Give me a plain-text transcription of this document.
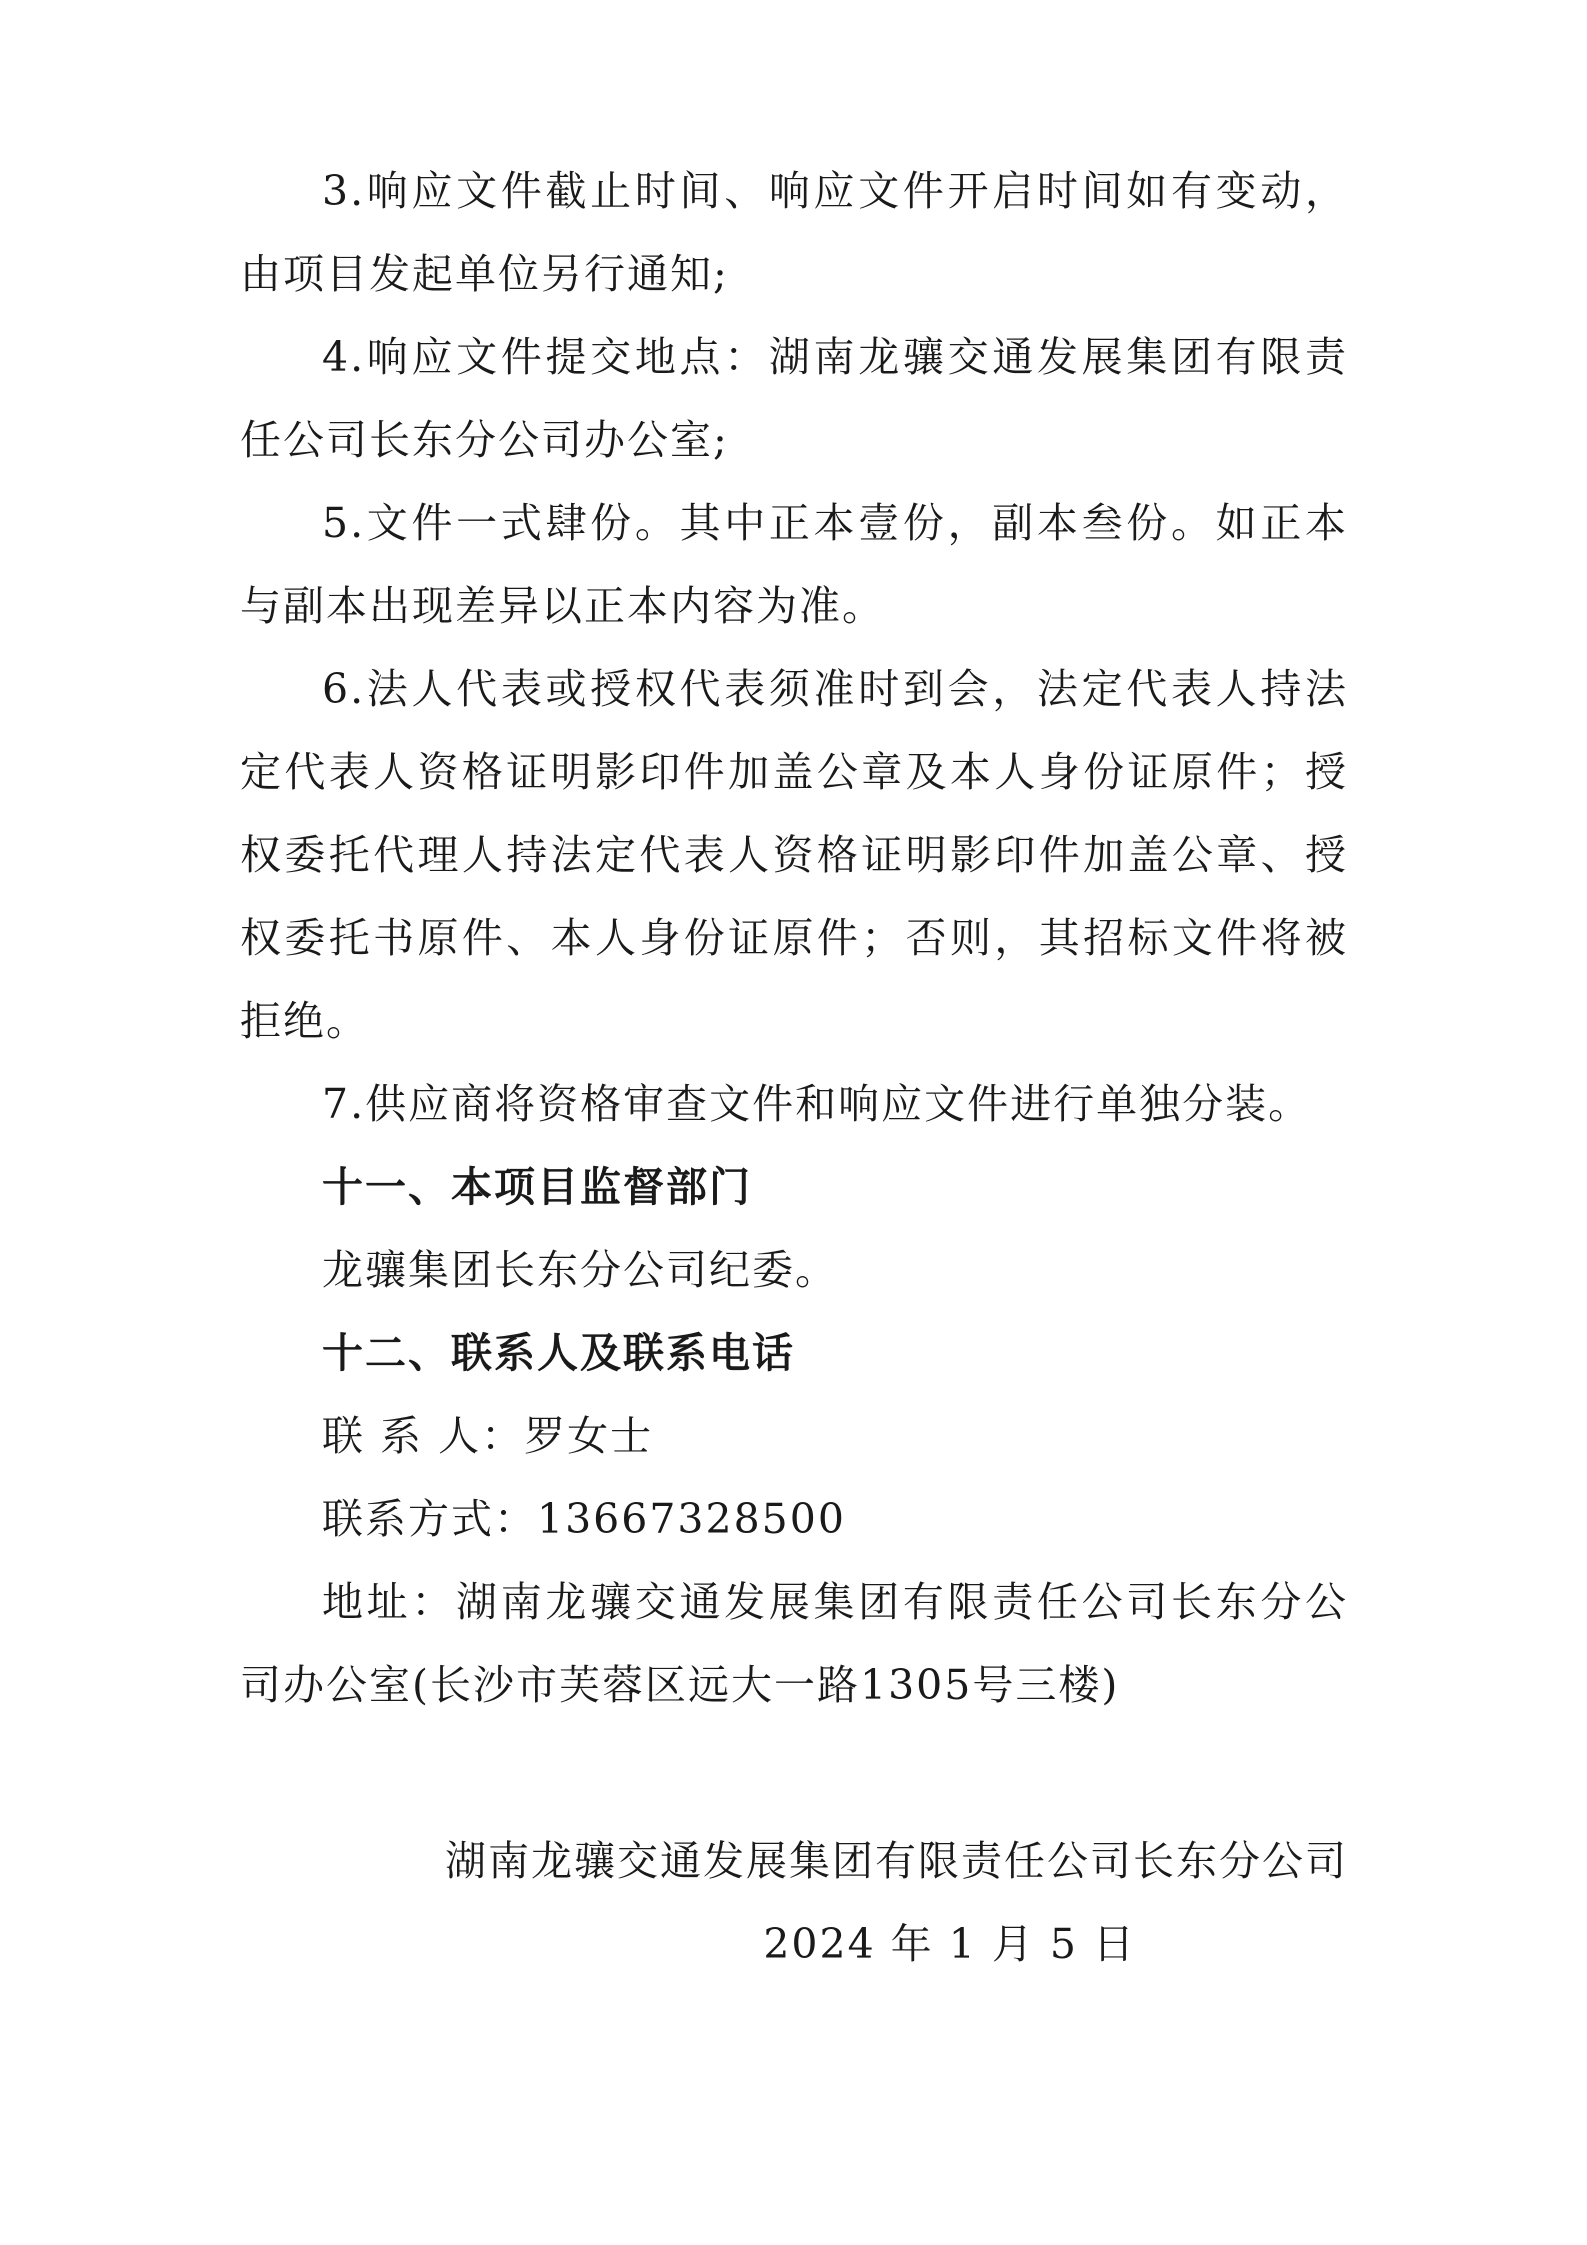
3.响应文件截止时间、响应文件开启时间如有变动，由项目发起单位另行通知;

4.响应文件提交地点：湖南龙骧交通发展集团有限责任公司长东分公司办公室;

5.文件一式肆份。其中正本壹份，副本叁份。如正本与副本出现差异以正本内容为准。

6.法人代表或授权代表须准时到会，法定代表人持法定代表人资格证明影印件加盖公章及本人身份证原件；授权委托代理人持法定代表人资格证明影印件加盖公章、授权委托书原件、本人身份证原件；否则，其招标文件将被拒绝。

7.供应商将资格审查文件和响应文件进行单独分装。

十一、本项目监督部门

龙骧集团长东分公司纪委。

十二、联系人及联系电话

联 系 人：罗女士

联系方式：13667328500

地址：湖南龙骧交通发展集团有限责任公司长东分公司办公室(长沙市芙蓉区远大一路1305号三楼)

湖南龙骧交通发展集团有限责任公司长东分公司

2024 年 1 月 5 日
